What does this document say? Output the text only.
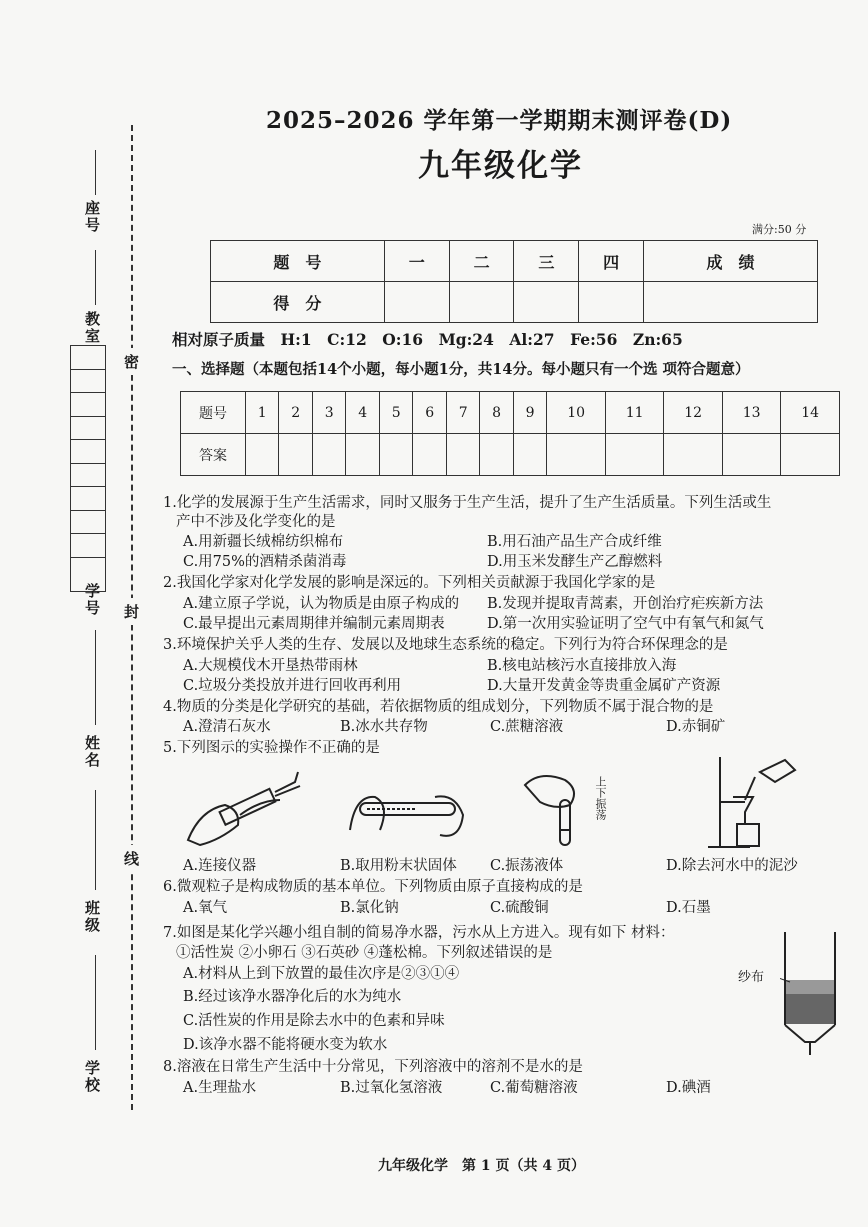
密
封
线
座号
教室
学号
姓名
班级
学校
2025–2026 学年第一学期期末测评卷(D)
九年级化学
满分:50 分
题　号	一	二	三	四	成　绩
得　分					
相对原子质量　H:1　C:12　O:16　Mg:24　Al:27　Fe:56　Zn:65
一、选择题（本题包括14个小题，每小题1分，共14分。每小题只有一个选 项符合题意）
题号	1	2	3	4	5	6	7	8	9	10	11	12	13	14
答案														
1.化学的发展源于生产生活需求，同时又服务于生产生活，提升了生产生活质量。下列生活或生
产中不涉及化学变化的是
A.用新疆长绒棉纺织棉布	B.用石油产品生产合成纤维
C.用75%的酒精杀菌消毒	D.用玉米发酵生产乙醇燃料
2.我国化学家对化学发展的影响是深远的。下列相关贡献源于我国化学家的是
A.建立原子学说，认为物质是由原子构成的 B.发现并提取青蒿素，开创治疗疟疾新方法
C.最早提出元素周期律并编制元素周期表	D.第一次用实验证明了空气中有氧气和氮气
3.环境保护关乎人类的生存、发展以及地球生态系统的稳定。下列行为符合环保理念的是
A.大规模伐木开垦热带雨林	B.核电站核污水直接排放入海
C.垃圾分类投放并进行回收再利用	D.大量开发黄金等贵重金属矿产资源
4.物质的分类是化学研究的基础，若依据物质的组成划分，下列物质不属于混合物的是
A.澄清石灰水	B.冰水共存物	C.蔗糖溶液	D.赤铜矿
5.下列图示的实验操作不正确的是
A.连接仪器	B.取用粉末状固体
上下振荡
C.振荡液体	D.除去河水中的泥沙
6.微观粒子是构成物质的基本单位。下列物质由原子直接构成的是
A.氧气	B.氯化钠	C.硫酸铜	D.石墨
7.如图是某化学兴趣小组自制的简易净水器，污水从上方进入。现有如下 材料：
①活性炭 ②小卵石 ③石英砂 ④蓬松棉。下列叙述错误的是
A.材料从上到下放置的最佳次序是②③①④
B.经过该净水器净化后的水为纯水
C.活性炭的作用是除去水中的色素和异味
D.该净水器不能将硬水变为软水
纱布
8.溶液在日常生产生活中十分常见，下列溶液中的溶剂不是水的是
A.生理盐水	B.过氧化氢溶液	C.葡萄糖溶液	D.碘酒
九年级化学　第 1 页（共 4 页）
